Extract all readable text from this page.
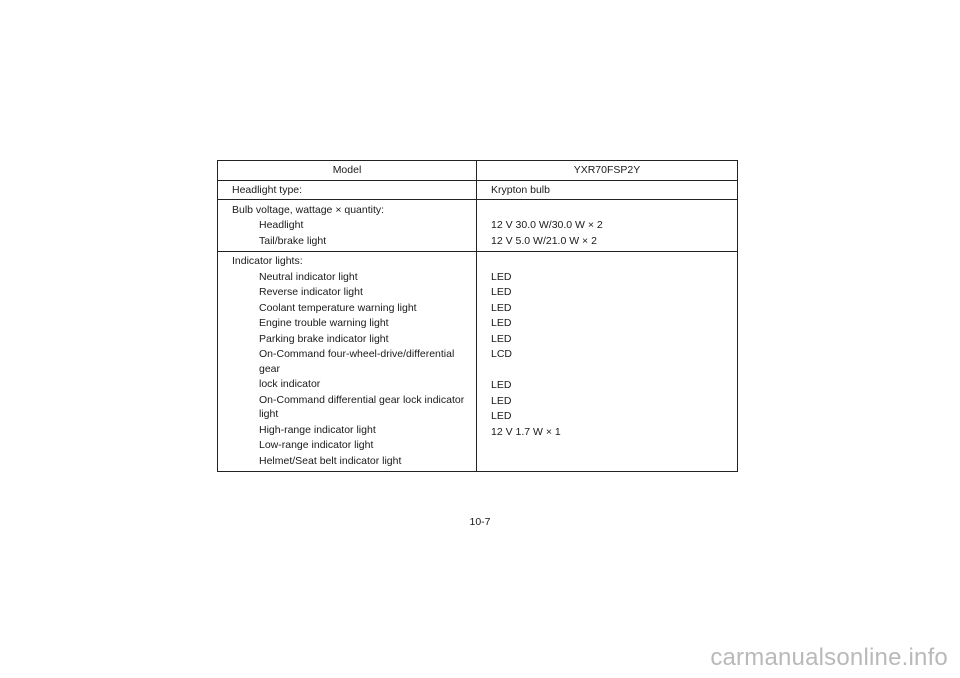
Model	YXR70FSP2Y
Headlight type:	Krypton bulb
Bulb voltage, wattage × quantity:
Headlight
Tail/brake light
12 V 30.0 W/30.0 W × 2
12 V 5.0 W/21.0 W × 2
Indicator lights:
Neutral indicator light
Reverse indicator light
Coolant temperature warning light
Engine trouble warning light
Parking brake indicator light
On-Command four-wheel-drive/differential gear
lock indicator
On-Command differential gear lock indicator light
High-range indicator light
Low-range indicator light
Helmet/Seat belt indicator light
LED
LED
LED
LED
LED
LCD
LED
LED
LED
12 V 1.7 W × 1
10-7
carmanualsonline.info
